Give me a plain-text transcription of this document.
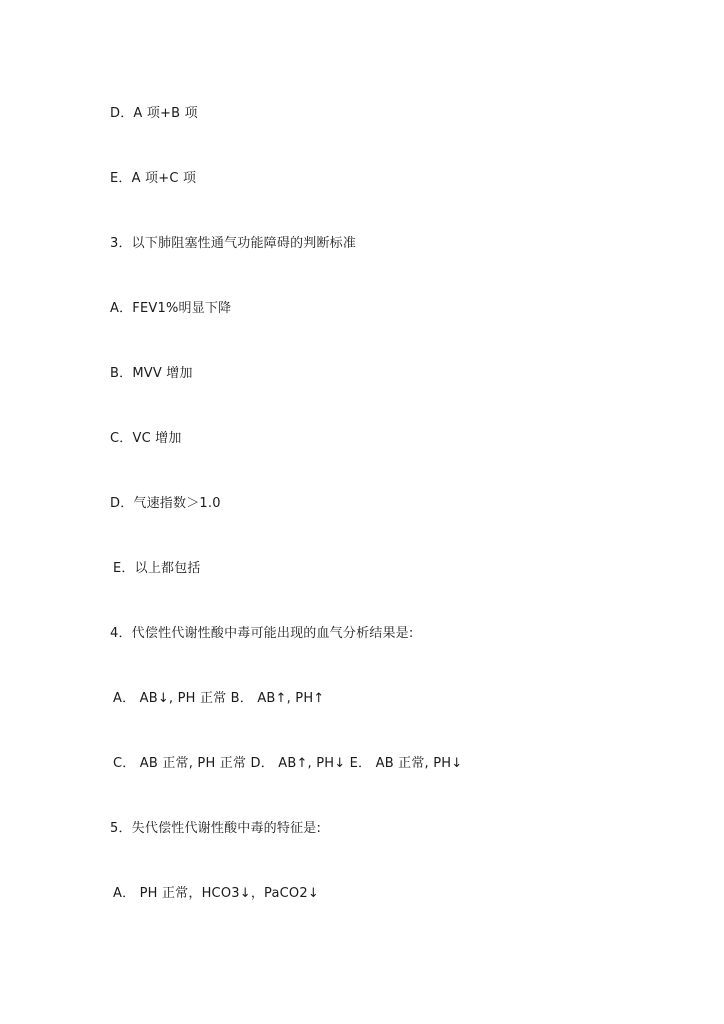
D．A 项+B 项
E．A 项+C 项
3．以下肺阻塞性通气功能障碍的判断标准
A．FEV1%明显下降
B．MVV 增加
C．VC 增加
D．气速指数＞1.0
E．以上都包括
4．代偿性代谢性酸中毒可能出现的血气分析结果是:
A． AB↓, PH 正常 B． AB↑, PH↑
C． AB 正常, PH 正常 D． AB↑, PH↓ E． AB 正常, PH↓
5．失代偿性代谢性酸中毒的特征是:
A． PH 正常，HCO3↓，PaCO2↓
